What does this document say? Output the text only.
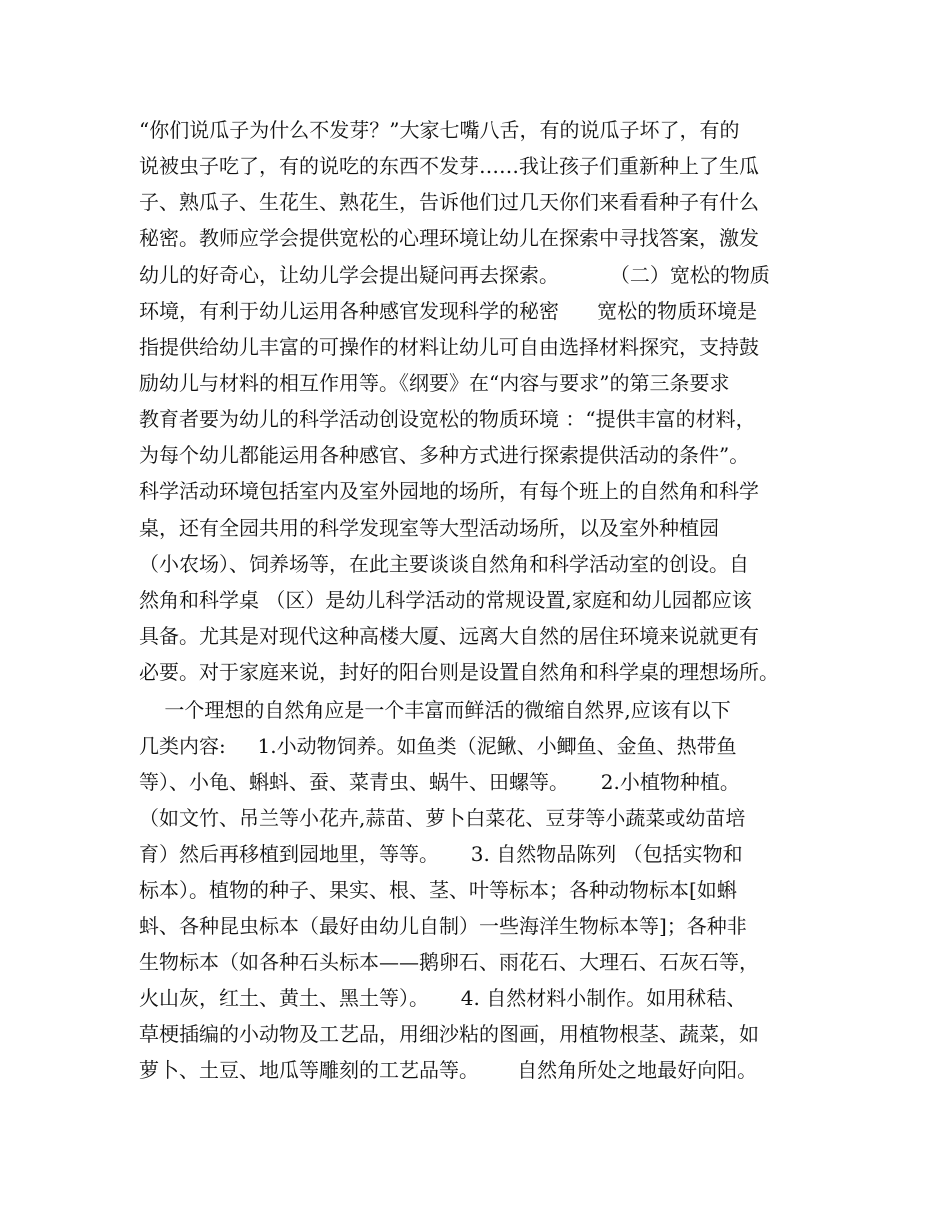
“你们说瓜子为什么不发芽？”大家七嘴八舌，有的说瓜子坏了，有的
说被虫子吃了，有的说吃的东西不发芽……我让孩子们重新种上了生瓜
子、熟瓜子、生花生、熟花生，告诉他们过几天你们来看看种子有什么
秘密。教师应学会提供宽松的心理环境让幼儿在探索中寻找答案，激发
幼儿的好奇心，让幼儿学会提出疑问再去探索。        （二）宽松的物质
环境，有利于幼儿运用各种感官发现科学的秘密      宽松的物质环境是
指提供给幼儿丰富的可操作的材料让幼儿可自由选择材料探究，支持鼓
励幼儿与材料的相互作用等。《纲要》在“内容与要求”的第三条要求
教育者要为幼儿的科学活动创设宽松的物质环境 ：“提供丰富的材料，
为每个幼儿都能运用各种感官、多种方式进行探索提供活动的条件”。
科学活动环境包括室内及室外园地的场所，有每个班上的自然角和科学
桌，还有全园共用的科学发现室等大型活动场所，以及室外种植园
（小农场）、饲养场等，在此主要谈谈自然角和科学活动室的创设。自
然角和科学桌 （区）是幼儿科学活动的常规设置,家庭和幼儿园都应该
具备。尤其是对现代这种高楼大厦、远离大自然的居住环境来说就更有
必要。对于家庭来说，封好的阳台则是设置自然角和科学桌的理想场所。
一个理想的自然角应是一个丰富而鲜活的微缩自然界,应该有以下
几类内容:     1.小动物饲养。如鱼类（泥鳅、小鲫鱼、金鱼、热带鱼
等）、小龟、蝌蚪、蚕、菜青虫、蜗牛、田螺等。     2.小植物种植。
（如文竹、吊兰等小花卉,蒜苗、萝卜白菜花、豆芽等小蔬菜或幼苗培
育）然后再移植到园地里，等等。     3. 自然物品陈列 （包括实物和
标本）。植物的种子、果实、根、茎、叶等标本；各种动物标本[如蝌
蚪、各种昆虫标本（最好由幼儿自制）一些海洋生物标本等]；各种非
生物标本（如各种石头标本——鹅卵石、雨花石、大理石、石灰石等，
火山灰，红土、黄土、黑土等）。     4. 自然材料小制作。如用秫秸、
草梗插编的小动物及工艺品，用细沙粘的图画，用植物根茎、蔬菜，如
萝卜、土豆、地瓜等雕刻的工艺品等。      自然角所处之地最好向阳。
